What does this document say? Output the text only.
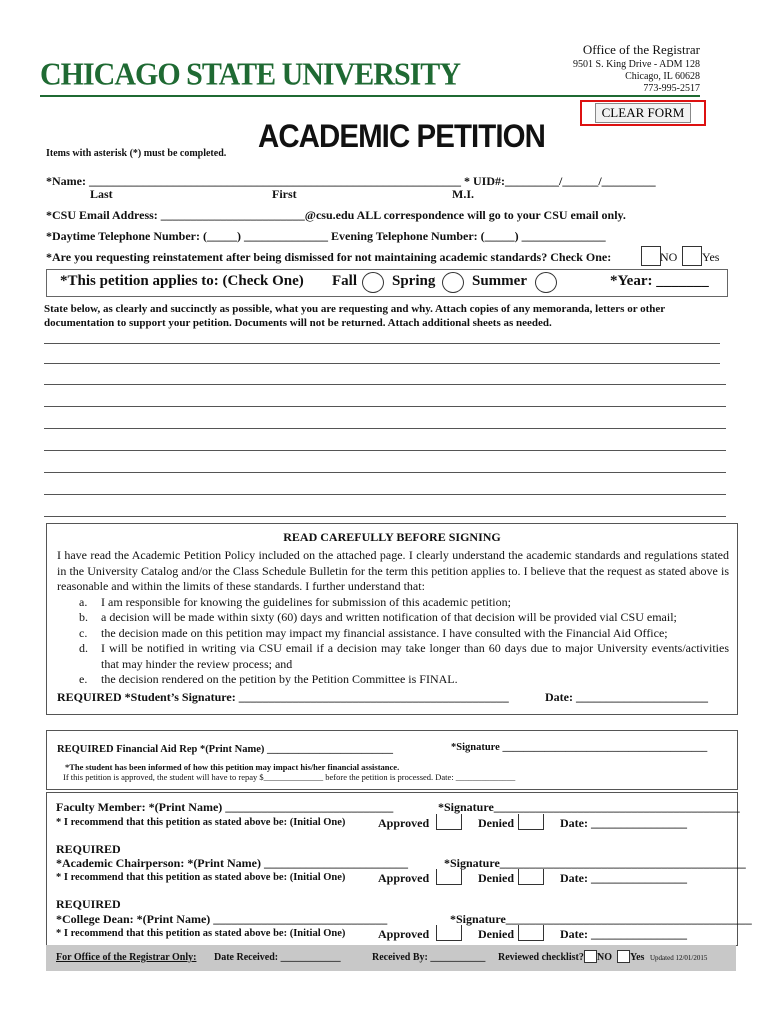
CHICAGO STATE UNIVERSITY
Office of the Registrar
9501 S. King Drive - ADM 128
Chicago, IL 60628
773-995-2517
CLEAR FORM
ACADEMIC PETITION
Items with asterisk (*) must be completed.
*Name: ______________________________________________________________ * UID#:_________/______/_________
Last	First	M.I.
*CSU Email Address: ________________________@csu.edu ALL correspondence will go to your CSU email only.
*Daytime Telephone Number: (_____) ______________ Evening Telephone Number: (_____) ______________
*Are you requesting reinstatement after being dismissed for not maintaining academic standards? Check One:	NO Yes
*This petition applies to: (Check One) Fall Spring Summer	*Year: _______
State below, as clearly and succinctly as possible, what you are requesting and why. Attach copies of any memoranda, letters or other documentation to support your petition. Documents will not be returned. Attach additional sheets as needed.
READ CAREFULLY BEFORE SIGNING
I have read the Academic Petition Policy included on the attached page. I clearly understand the academic standards and regulations stated in the University Catalog and/or the Class Schedule Bulletin for the term this petition applies to. I believe that the request as stated above is reasonable and within the limits of these standards. I further understand that:
a.	I am responsible for knowing the guidelines for submission of this academic petition;
b.	a decision will be made within sixty (60) days and written notification of that decision will be provided vial CSU email;
c.	the decision made on this petition may impact my financial assistance. I have consulted with the Financial Aid Office;
d.	I will be notified in writing via CSU email if a decision may take longer than 60 days due to major University events/activities that may hinder the review process; and
e.	the decision rendered on the petition by the Petition Committee is FINAL.
REQUIRED *Student’s Signature: _____________________________________________	Date: ______________________
REQUIRED Financial Aid Rep *(Print Name) ________________________	*Signature _______________________________________
*The student has been informed of how this petition may impact his/her financial assistance.
If this petition is approved, the student will have to repay $______________ before the petition is processed. Date: ______________
Faculty Member: *(Print Name) ____________________________	*Signature_________________________________________
* I recommend that this petition as stated above be: (Initial One)	Approved	Denied	Date: ________________
REQUIRED
*Academic Chairperson: *(Print Name) ________________________	*Signature_________________________________________
* I recommend that this petition as stated above be: (Initial One)	Approved	Denied	Date: ________________
REQUIRED
*College Dean: *(Print Name) _____________________________	*Signature_________________________________________
* I recommend that this petition as stated above be: (Initial One)	Approved	Denied	Date: ________________
For Office of the Registrar Only: Date Received: ____________	Received By: ___________ Reviewed checklist? NO Yes Updated 12/01/2015
